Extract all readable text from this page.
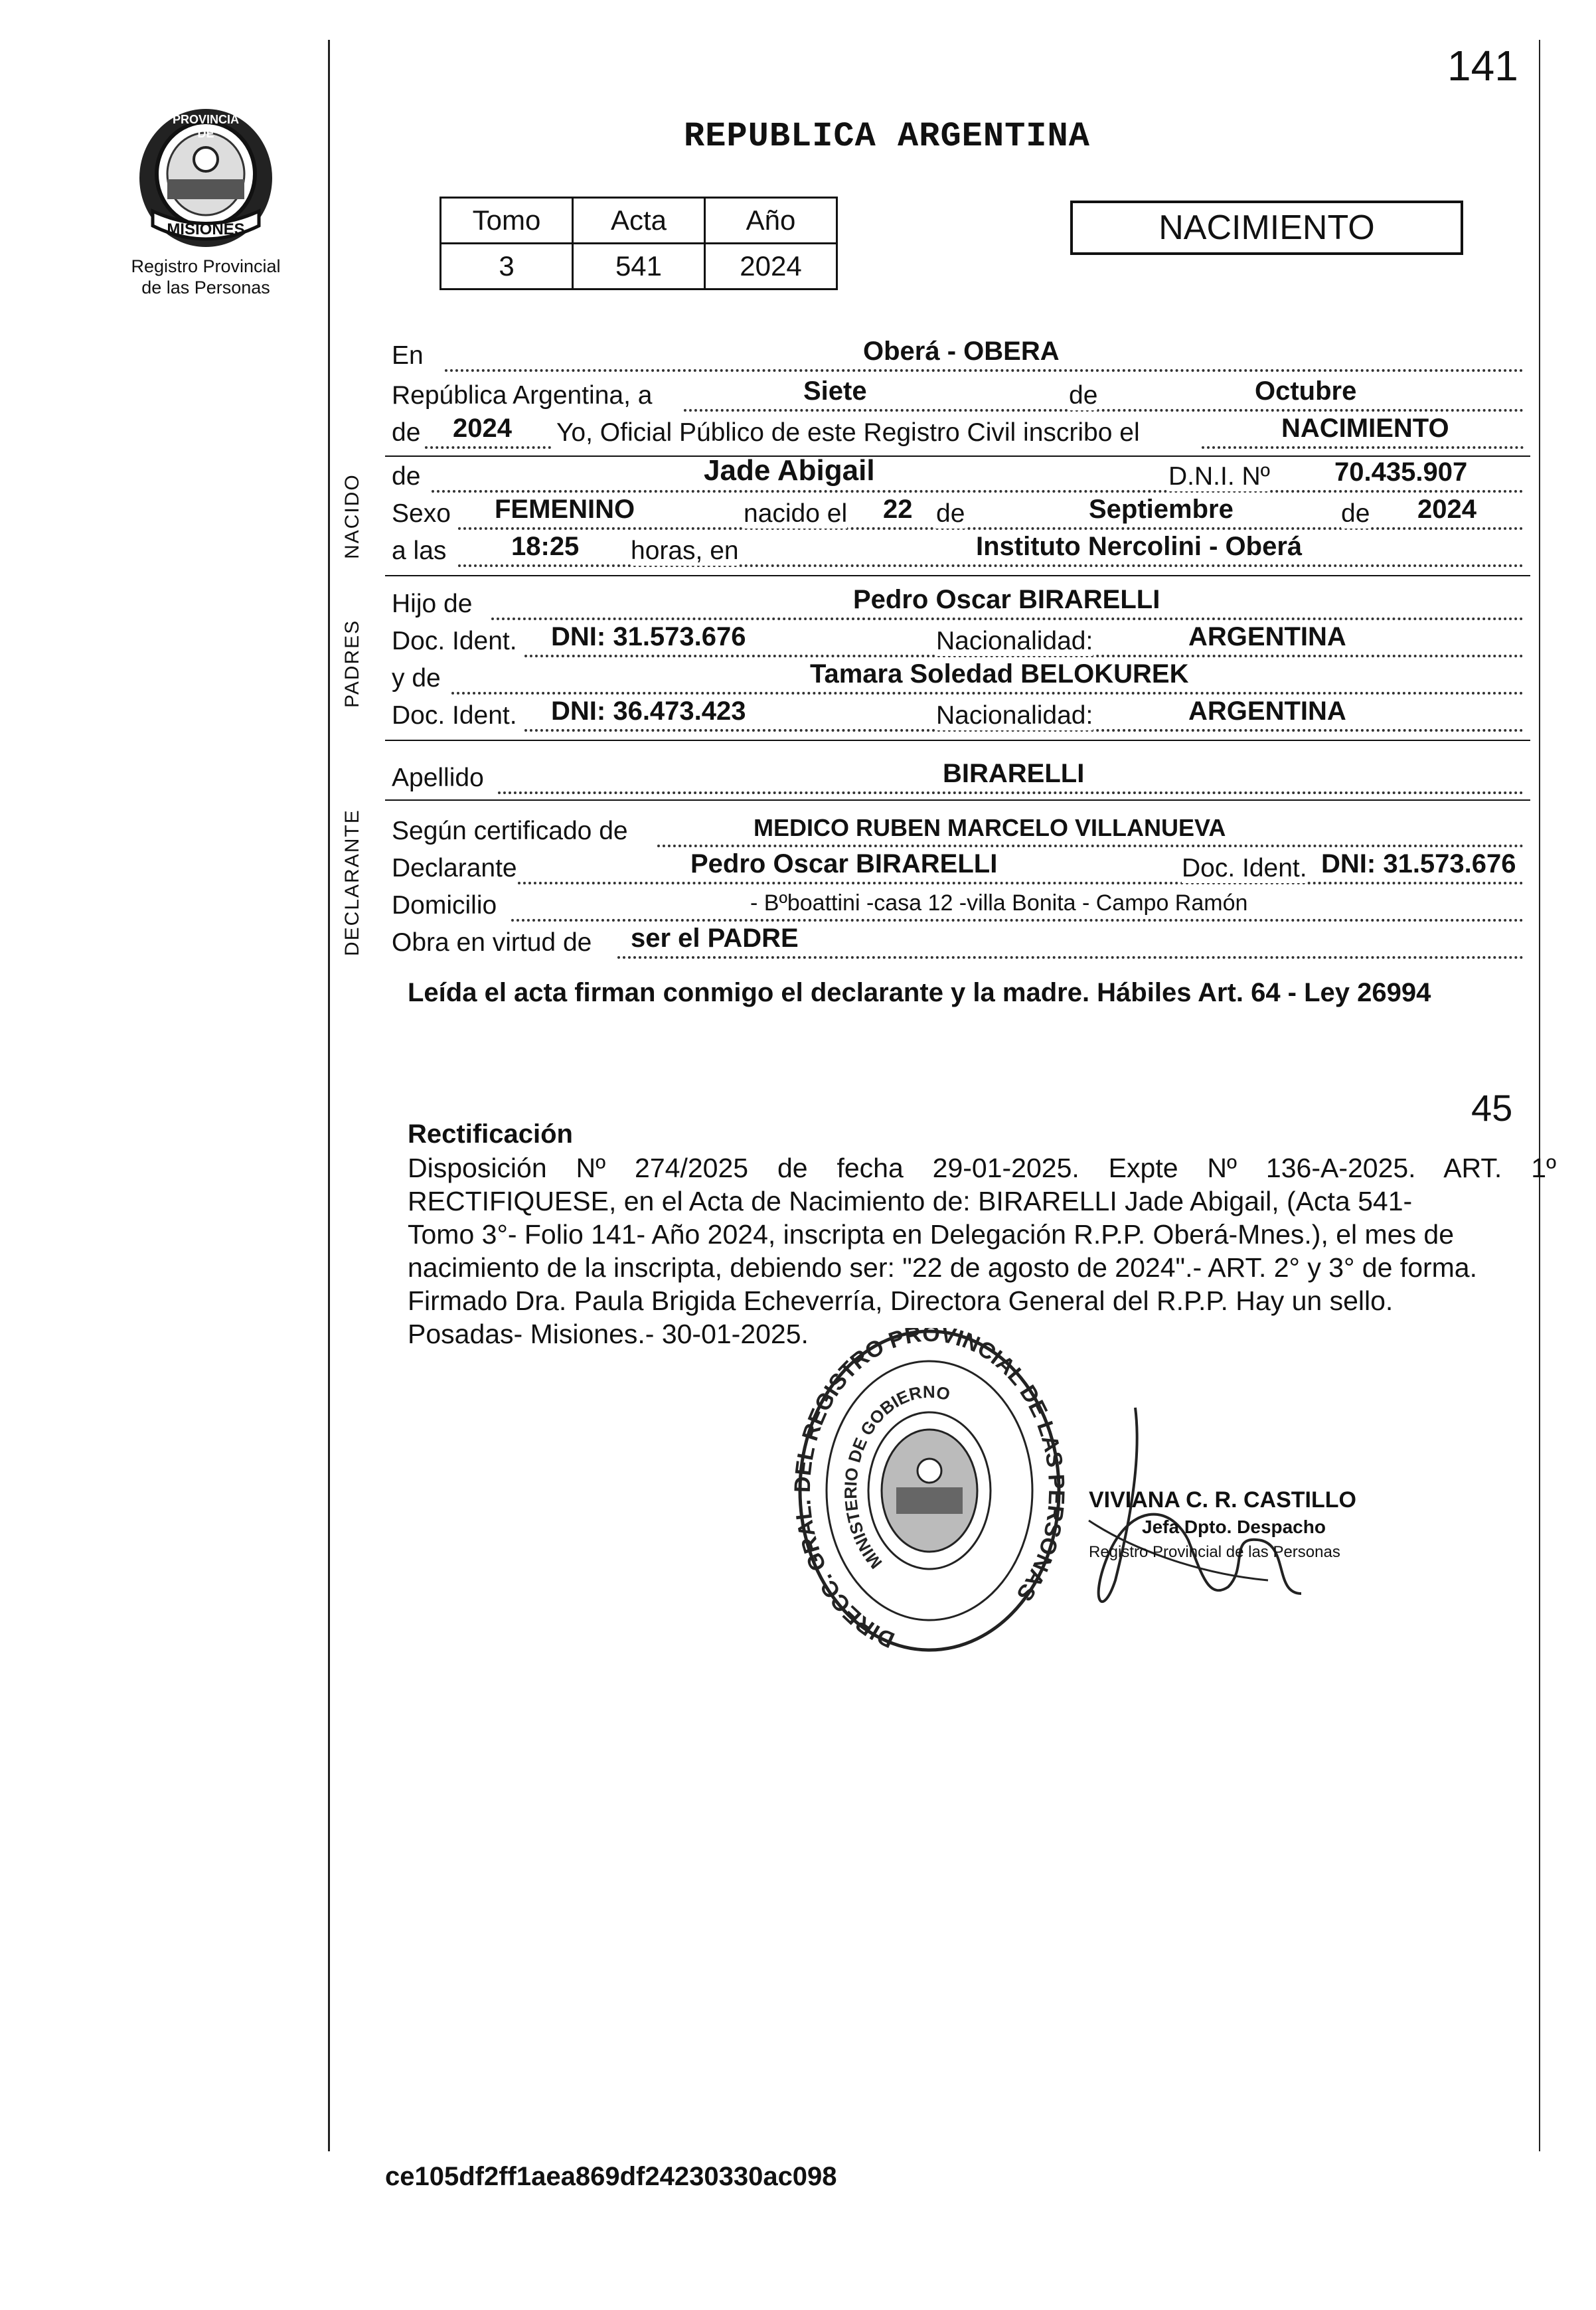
141
PROVINCIA DE
MISIONES
Registro Provincial
de las Personas
REPUBLICA ARGENTINA
Tomo	Acta	Año
3	541	2024
NACIMIENTO
En	Oberá - OBERA
República Argentina, a	Siete	de	Octubre
de 2024 Yo, Oficial Público de este Registro Civil inscribo el	NACIMIENTO
NACIDO de	Jade Abigail	D.N.I. Nº 70.435.907
Sexo FEMENINO	nacido el 22 de	Septiembre	de 2024
a las 18:25 horas, en	Instituto Nercolini - Oberá
PADRES
Hijo de	Pedro Oscar BIRARELLI
Doc. Ident. DNI: 31.573.676	Nacionalidad:	ARGENTINA
y de	Tamara Soledad BELOKUREK
Doc. Ident. DNI: 36.473.423	Nacionalidad:	ARGENTINA
Apellido	BIRARELLI
DECLARANTE Según certificado de	MEDICO RUBEN MARCELO VILLANUEVA
Declarante	Pedro Oscar BIRARELLI	Doc. Ident. DNI: 31.573.676
Domicilio	- Bºboattini -casa 12 -villa Bonita - Campo Ramón
Obra en virtud de ser el PADRE
Leída el acta firman conmigo el declarante y la madre. Hábiles Art. 64 - Ley 26994
45
Rectificación
Disposición Nº 274/2025 de fecha 29-01-2025. Expte Nº 136-A-2025. ART. 1º
RECTIFIQUESE, en el Acta de Nacimiento de: BIRARELLI Jade Abigail, (Acta 541-
Tomo 3°- Folio 141- Año 2024, inscripta en Delegación R.P.P. Oberá-Mnes.), el mes de
nacimiento de la inscripta, debiendo ser: "22 de agosto de 2024".- ART. 2° y 3° de forma.
Firmado Dra. Paula Brigida Echeverría, Directora General del R.P.P. Hay un sello.
Posadas- Misiones.- 30-01-2025.
DIRECC. GRAL. DEL REGISTRO PROVINCIAL DE LAS PERSONAS
MINISTERIO DE GOBIERNO
VIVIANA C. R. CASTILLO
Jefa Dpto. Despacho
Registro Provincial de las Personas
ce105df2ff1aea869df24230330ac098
